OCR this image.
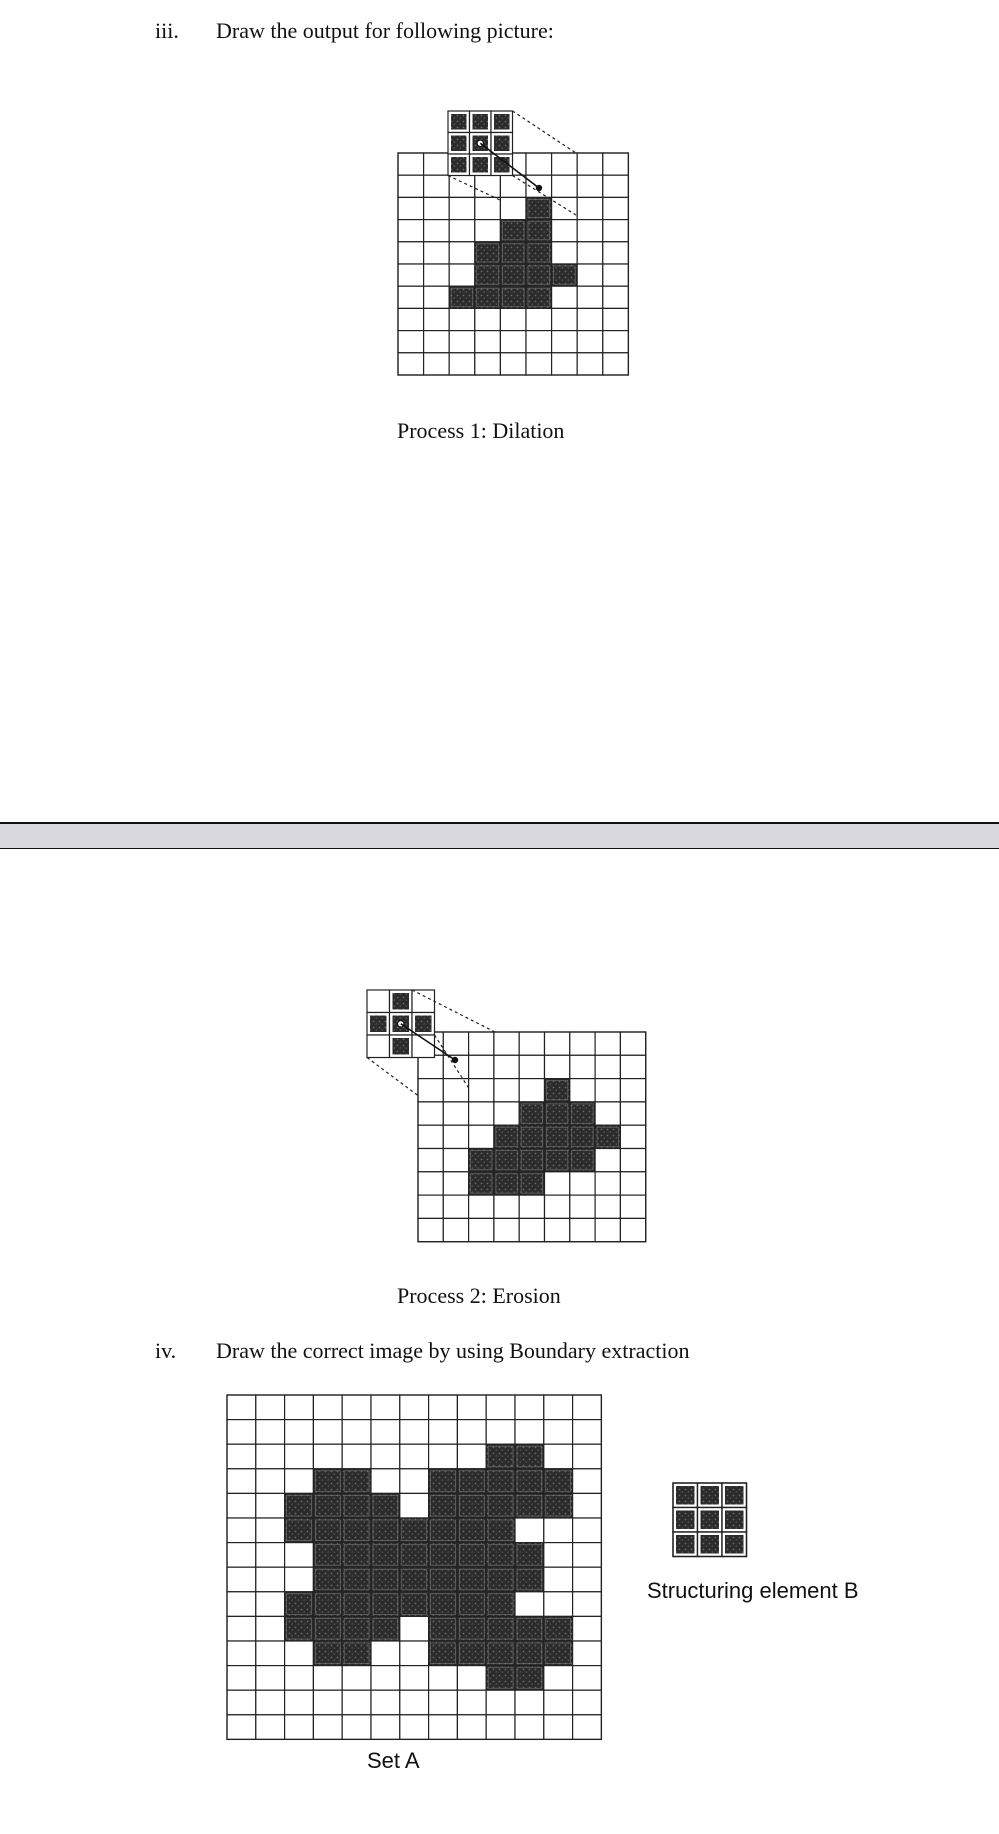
iii. Draw the output for following picture:
Process 1: Dilation
Process 2: Erosion
iv. Draw the correct image by using Boundary extraction
Set A
Structuring element B
